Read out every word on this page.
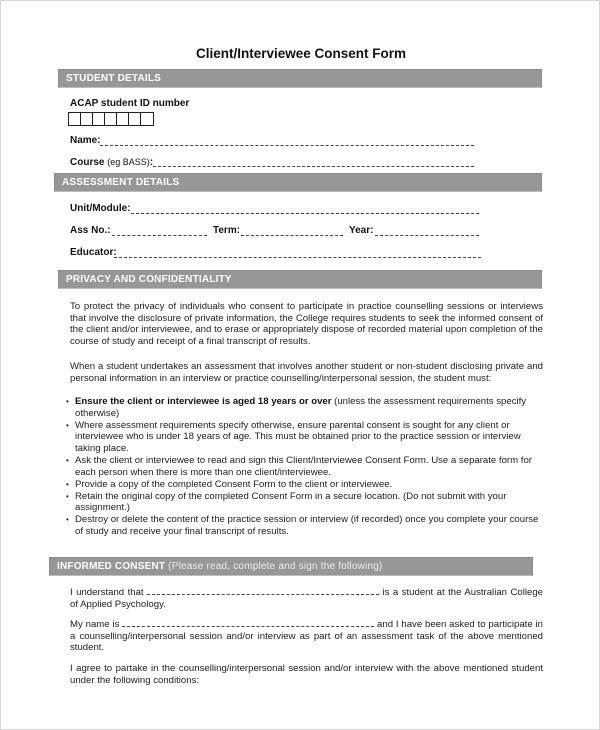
Client/Interviewee Consent Form
STUDENT DETAILS
ACAP student ID number
Name:
Course (eg BASS):
ASSESSMENT DETAILS
Unit/Module:
Ass No.:	Term:	Year:
Educator:
PRIVACY AND CONFIDENTIALITY

To protect the privacy of individuals who consent to participate in practice counselling sessions or interviews that involve the disclosure of private information, the College requires students to seek the informed consent of the client and/or interviewee, and to erase or appropriately dispose of recorded material upon completion of the course of study and receipt of a final transcript of results.

When a student undertakes an assessment that involves another student or non-student disclosing private and personal information in an interview or practice counselling/interpersonal session, the student must:

• Ensure the client or interviewee is aged 18 years or over (unless the assessment requirements specify otherwise)
• Where assessment requirements specify otherwise, ensure parental consent is sought for any client or interviewee who is under 18 years of age. This must be obtained prior to the practice session or interview taking place.
• Ask the client or interviewee to read and sign this Client/Interviewee Consent Form. Use a separate form for each person when there is more than one client/interviewee.
• Provide a copy of the completed Consent Form to the client or interviewee.
• Retain the original copy of the completed Consent Form in a secure location. (Do not submit with your assignment.)
• Destroy or delete the content of the practice session or interview (if recorded) once you complete your course of study and receive your final transcript of results.
INFORMED CONSENT (Please read, complete and sign the following)

I understand that	is a student at the Australian College of Applied Psychology.

My name is	and I have been asked to participate in a counselling/interpersonal session and/or interview as part of an assessment task of the above mentioned student.

I agree to partake in the counselling/interpersonal session and/or interview with the above mentioned student under the following conditions:
